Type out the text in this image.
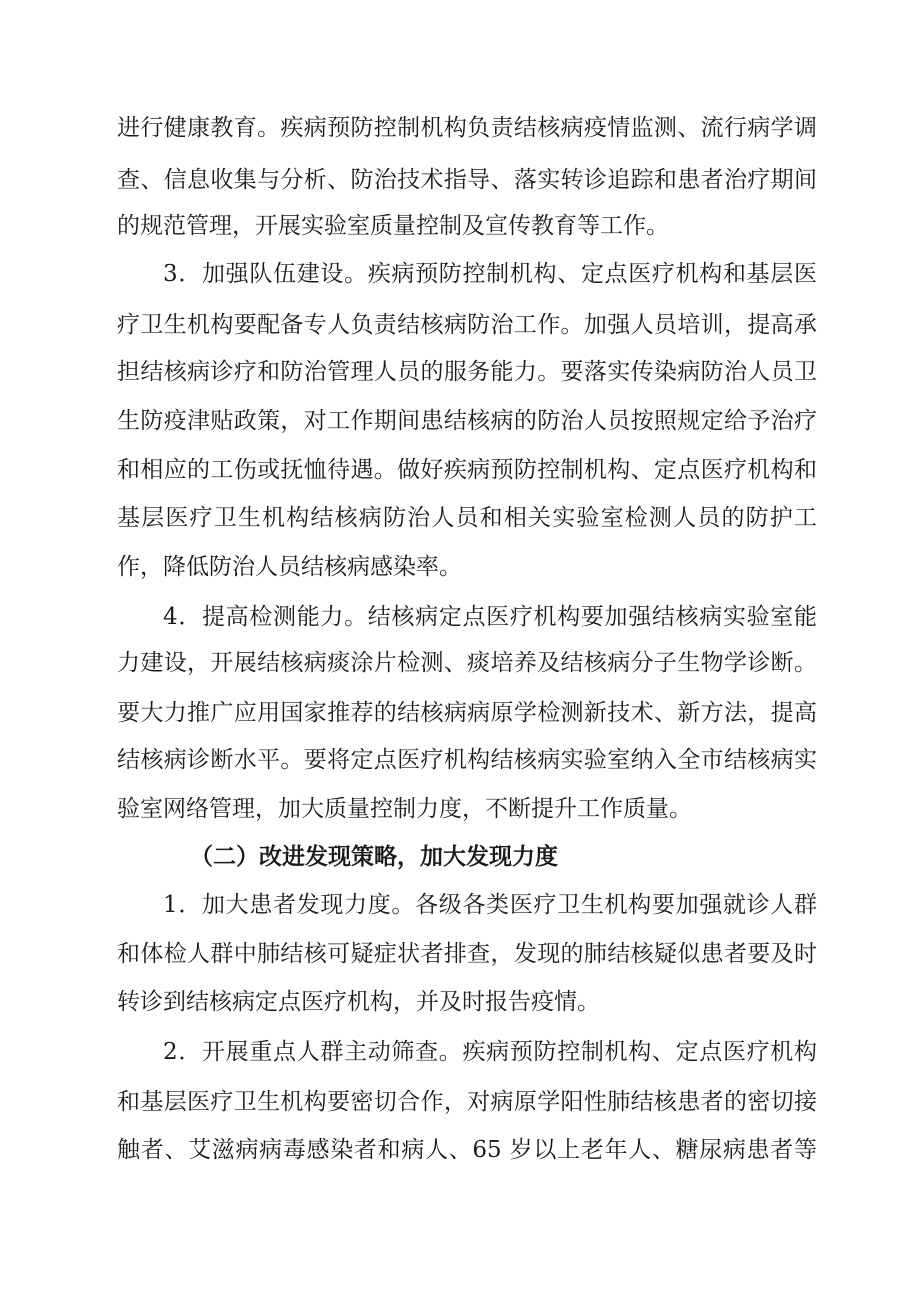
进行健康教育。疾病预防控制机构负责结核病疫情监测、流行病学调
查、信息收集与分析、防治技术指导、落实转诊追踪和患者治疗期间
的规范管理，开展实验室质量控制及宣传教育等工作。
3．加强队伍建设。疾病预防控制机构、定点医疗机构和基层医
疗卫生机构要配备专人负责结核病防治工作。加强人员培训，提高承
担结核病诊疗和防治管理人员的服务能力。要落实传染病防治人员卫
生防疫津贴政策，对工作期间患结核病的防治人员按照规定给予治疗
和相应的工伤或抚恤待遇。做好疾病预防控制机构、定点医疗机构和
基层医疗卫生机构结核病防治人员和相关实验室检测人员的防护工
作，降低防治人员结核病感染率。
4．提高检测能力。结核病定点医疗机构要加强结核病实验室能
力建设，开展结核病痰涂片检测、痰培养及结核病分子生物学诊断。
要大力推广应用国家推荐的结核病病原学检测新技术、新方法，提高
结核病诊断水平。要将定点医疗机构结核病实验室纳入全市结核病实
验室网络管理，加大质量控制力度，不断提升工作质量。
（二）改进发现策略，加大发现力度
1．加大患者发现力度。各级各类医疗卫生机构要加强就诊人群
和体检人群中肺结核可疑症状者排查，发现的肺结核疑似患者要及时
转诊到结核病定点医疗机构，并及时报告疫情。
2．开展重点人群主动筛查。疾病预防控制机构、定点医疗机构
和基层医疗卫生机构要密切合作，对病原学阳性肺结核患者的密切接
触者、艾滋病病毒感染者和病人、65 岁以上老年人、糖尿病患者等
